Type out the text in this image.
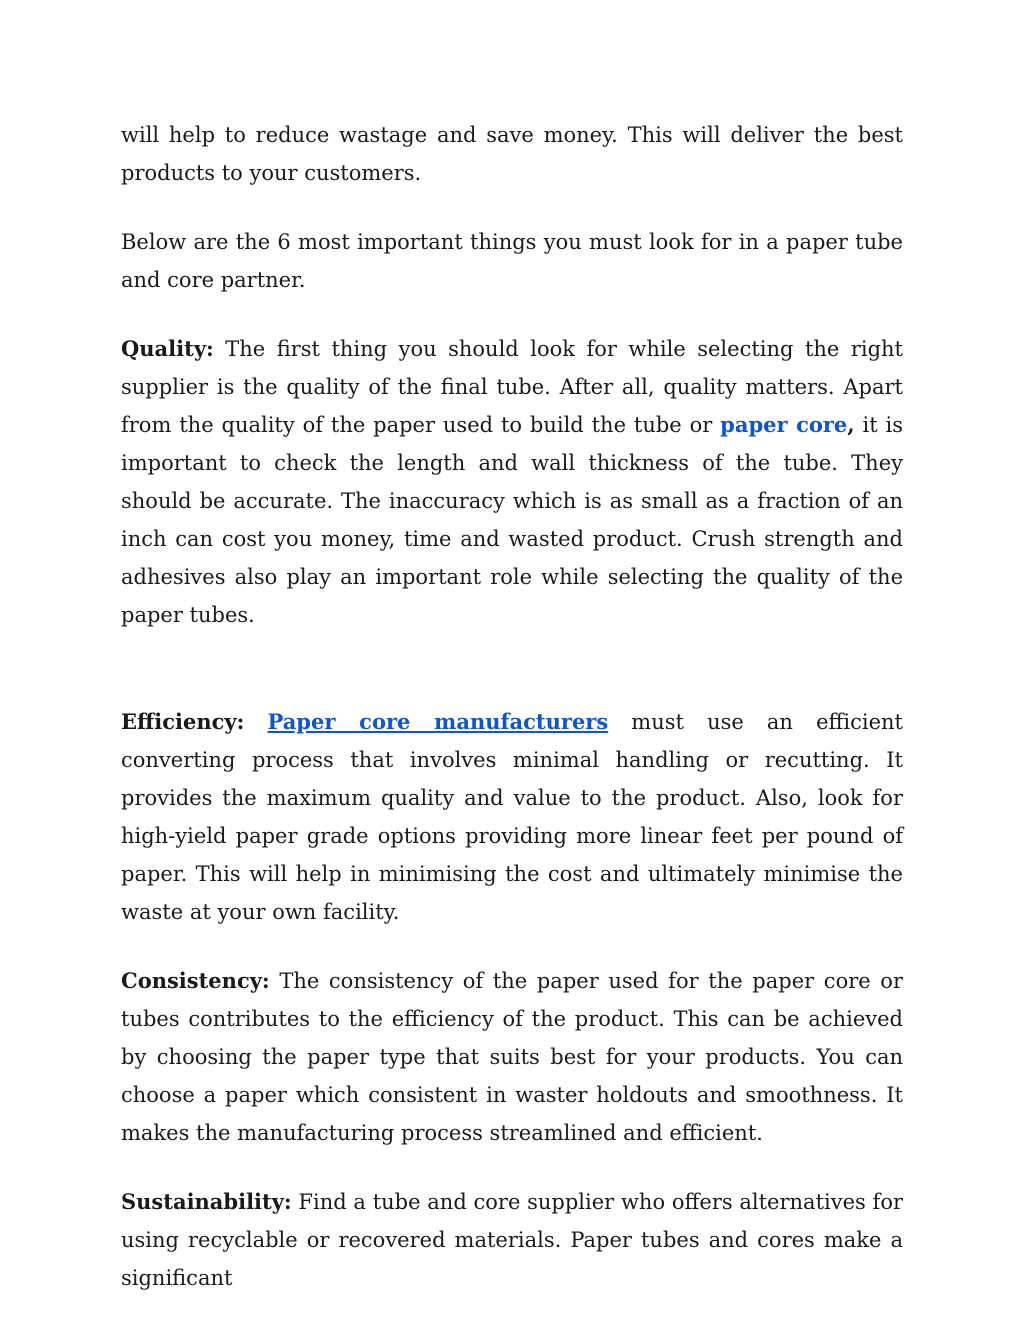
will help to reduce wastage and save money. This will deliver the best products to your customers.

Below are the 6 most important things you must look for in a paper tube and core partner.

Quality: The first thing you should look for while selecting the right supplier is the quality of the final tube. After all, quality matters. Apart from the quality of the paper used to build the tube or paper core, it is important to check the length and wall thickness of the tube. They should be accurate. The inaccuracy which is as small as a fraction of an inch can cost you money, time and wasted product. Crush strength and adhesives also play an important role while selecting the quality of the paper tubes.

Efficiency: Paper core manufacturers must use an efficient converting process that involves minimal handling or recutting. It provides the maximum quality and value to the product. Also, look for high-yield paper grade options providing more linear feet per pound of paper. This will help in minimising the cost and ultimately minimise the waste at your own facility.

Consistency: The consistency of the paper used for the paper core or tubes contributes to the efficiency of the product. This can be achieved by choosing the paper type that suits best for your products. You can choose a paper which consistent in waster holdouts and smoothness. It makes the manufacturing process streamlined and efficient.

Sustainability: Find a tube and core supplier who offers alternatives for using recyclable or recovered materials. Paper tubes and cores make a significant
